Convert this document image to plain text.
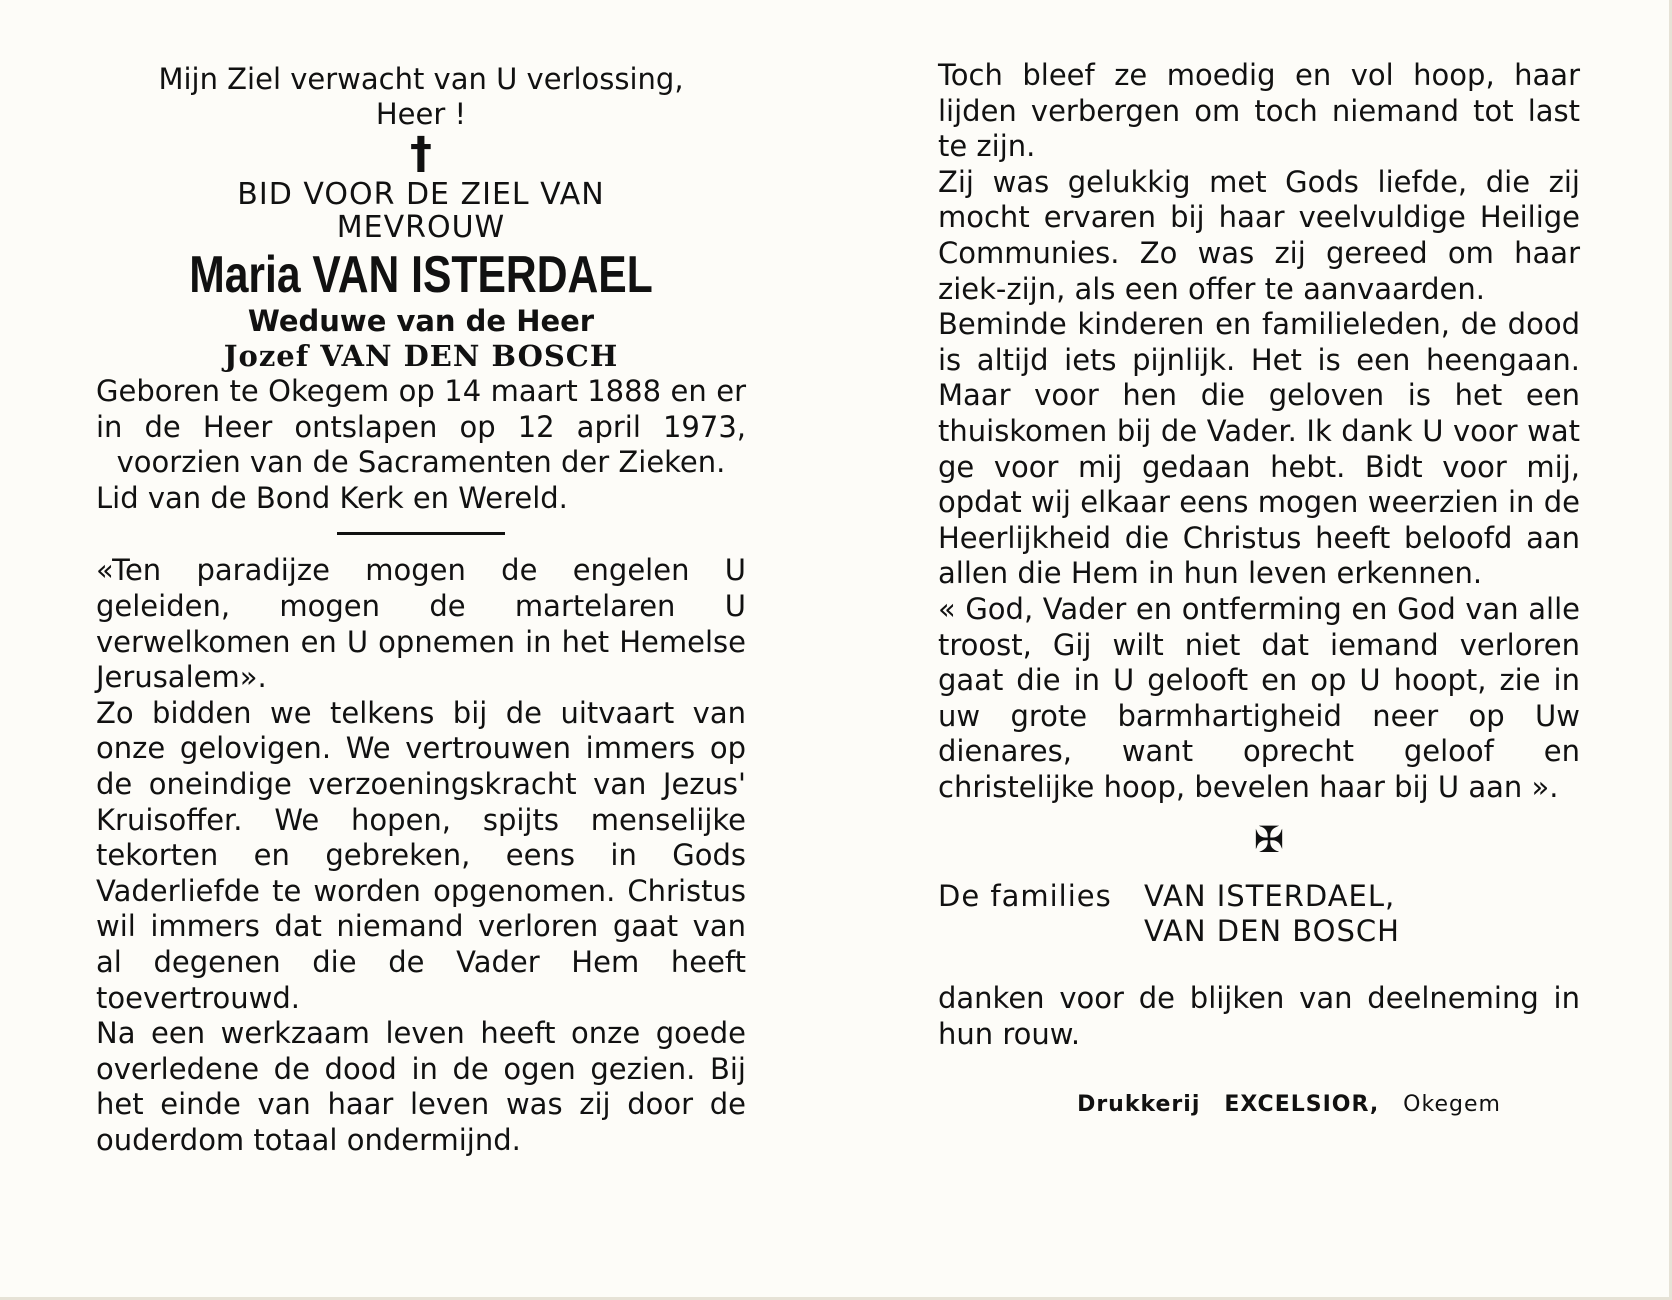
Mijn Ziel verwacht van U verlossing,
Heer !
†
BID VOOR DE ZIEL VAN
MEVROUW
Maria VAN ISTERDAEL
Weduwe van de Heer
Jozef VAN DEN BOSCH
Geboren te Okegem op 14 maart 1888 en er in de Heer ontslapen op 12 april 1973, voorzien van de Sacramenten der Zieken.
Lid van de Bond Kerk en Wereld.
«Ten paradijze mogen de engelen U geleiden, mogen de martelaren U verwelkomen en U opnemen in het Hemelse Jerusalem».
Zo bidden we telkens bij de uitvaart van onze gelovigen. We vertrouwen immers op de oneindige verzoeningskracht van Jezus' Kruisoffer. We hopen, spijts menselijke tekorten en gebreken, eens in Gods Vaderliefde te worden opgenomen. Christus wil immers dat niemand verloren gaat van al degenen die de Vader Hem heeft toevertrouwd.
Na een werkzaam leven heeft onze goede overledene de dood in de ogen gezien. Bij het einde van haar leven was zij door de ouderdom totaal ondermijnd.
Toch bleef ze moedig en vol hoop, haar lijden verbergen om toch niemand tot last te zijn.
Zij was gelukkig met Gods liefde, die zij mocht ervaren bij haar veelvuldige Heilige Communies. Zo was zij gereed om haar ziek-zijn, als een offer te aanvaarden.
Beminde kinderen en familieleden, de dood is altijd iets pijnlijk. Het is een heengaan. Maar voor hen die geloven is het een thuiskomen bij de Vader. Ik dank U voor wat ge voor mij gedaan hebt. Bidt voor mij, opdat wij elkaar eens mogen weerzien in de Heerlijkheid die Christus heeft beloofd aan allen die Hem in hun leven erkennen.
« God, Vader en ontferming en God van alle troost, Gij wilt niet dat iemand verloren gaat die in U gelooft en op U hoopt, zie in uw grote barmhartigheid neer op Uw dienares, want oprecht geloof en christelijke hoop, bevelen haar bij U aan ».
✠
De families	VAN ISTERDAEL,
VAN DEN BOSCH
danken voor de blijken van deelneming in hun rouw.
Drukkerij EXCELSIOR, Okegem
